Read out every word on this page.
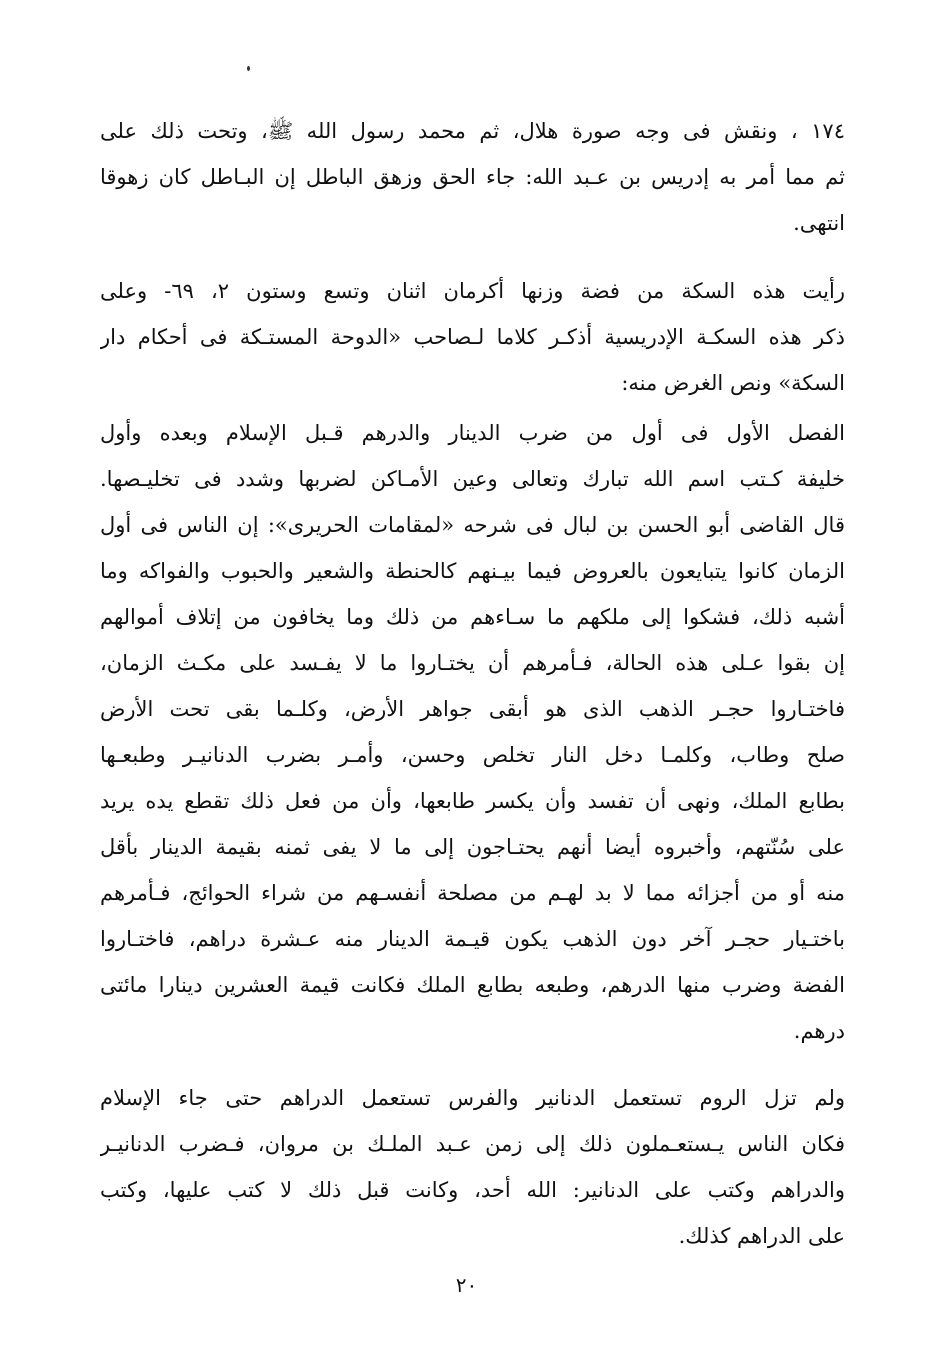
١٧٤ ، ونقش فى وجه صورة هلال، ثم محمد رسول الله ﷺ، وتحت ذلك على
ثم مما أمر به إدريس بن عـبد الله: جاء الحق وزهق الباطل إن البـاطل كان زهوقا
انتهى.
رأيت هذه السكة من فضة وزنها أكرمان اثنان وتسع وستون ٢، ٦٩- وعلى
ذكر هذه السكـة الإدريسية أذكـر كلاما لـصاحب «الدوحة المستـكة فى أحكام دار
السكة» ونص الغرض منه:
الفصل الأول فى أول من ضرب الدينار والدرهم قـبل الإسلام وبعده وأول
خليفة كـتب اسم الله تبارك وتعالى وعين الأمـاكن لضربها وشدد فى تخليـصها.
قال القاضى أبو الحسن بن لبال فى شرحه «لمقامات الحريرى»: إن الناس فى أول
الزمان كانوا يتبايعون بالعروض فيما بيـنهم كالحنطة والشعير والحبوب والفواكه وما
أشبه ذلك، فشكوا إلى ملكهم ما سـاءهم من ذلك وما يخافون من إتلاف أموالهم
إن بقوا عـلى هذه الحالة، فـأمرهم أن يختـاروا ما لا يفـسد على مكـث الزمان،
فاختـاروا حجـر الذهب الذى هو أبقى جواهر الأرض، وكلـما بقى تحت الأرض
صلح وطاب، وكلمـا دخل النار تخلص وحسن، وأمـر بضرب الدنانيـر وطبعـها
بطابع الملك، ونهى أن تفسد وأن يكسر طابعها، وأن من فعل ذلك تقطع يده يريد
على سُنّتهم، وأخبروه أيضا أنهم يحتـاجون إلى ما لا يفى ثمنه بقيمة الدينار بأقل
منه أو من أجزائه مما لا بد لهـم من مصلحة أنفسـهم من شراء الحوائج، فـأمرهم
باختـيار حجـر آخر دون الذهب يكون قيـمة الدينار منه عـشرة دراهم، فاختـاروا
الفضة وضرب منها الدرهم، وطبعه بطابع الملك فكانت قيمة العشرين دينارا مائتى
درهم.
ولم تزل الروم تستعمل الدنانير والفرس تستعمل الدراهم حتى جاء الإسلام
فكان الناس يـستعـملون ذلك إلى زمن عـبد الملـك بن مروان، فـضرب الدنانيـر
والدراهم وكتب على الدنانير: الله أحد، وكانت قبل ذلك لا كتب عليها، وكتب
على الدراهم كذلك.
٢٠
